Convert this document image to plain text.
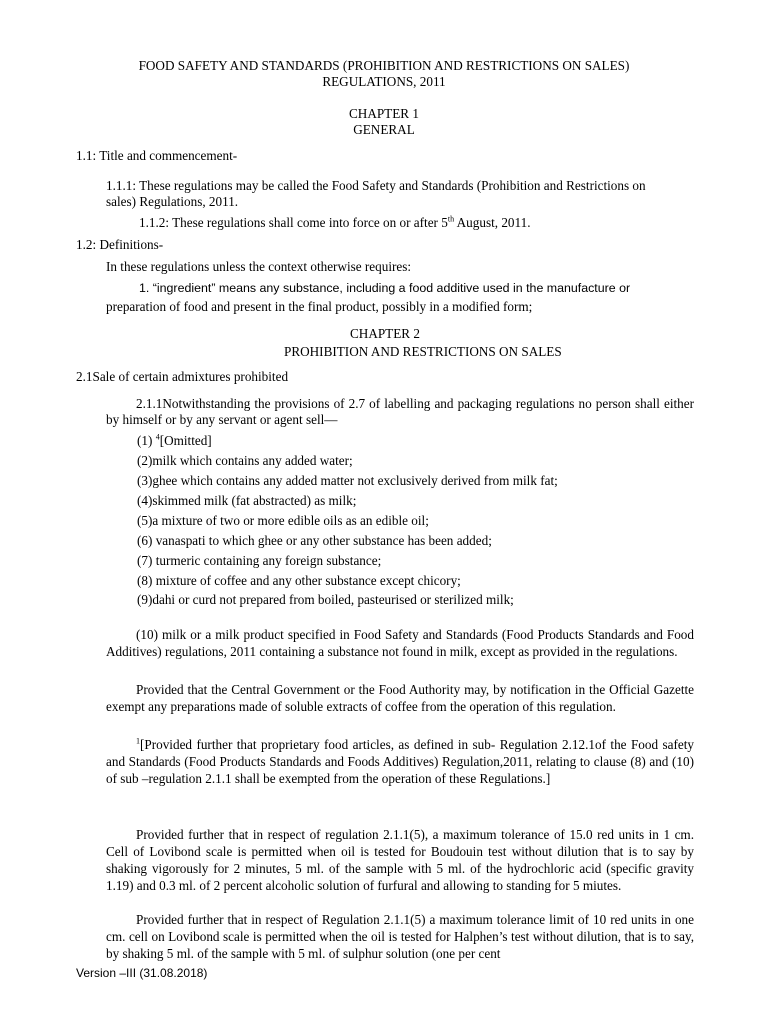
FOOD SAFETY AND STANDARDS (PROHIBITION AND RESTRICTIONS ON SALES)
REGULATIONS, 2011
CHAPTER 1
GENERAL
1.1: Title and commencement-
1.1.1: These regulations may be called the Food Safety and Standards (Prohibition and Restrictions on
sales) Regulations, 2011.
1.1.2: These regulations shall come into force on or after 5th August, 2011.
1.2: Definitions-
In these regulations unless the context otherwise requires:
1. “ingredient” means any substance, including a food additive used in the manufacture or
preparation of food and present in the final product, possibly in a modified form;
CHAPTER 2
PROHIBITION AND RESTRICTIONS ON SALES
2.1Sale of certain admixtures prohibited
2.1.1Notwithstanding the provisions of 2.7 of labelling and packaging regulations no person shall either by himself or by any servant or agent sell—
(1) $^4$[Omitted]
(2)milk which contains any added water;
(3)ghee which contains any added matter not exclusively derived from milk fat;
(4)skimmed milk (fat abstracted) as milk;
(5)a mixture of two or more edible oils as an edible oil;
(6) vanaspati to which ghee or any other substance has been added;
(7) turmeric containing any foreign substance;
(8) mixture of coffee and any other substance except chicory;
(9)dahi or curd not prepared from boiled, pasteurised or sterilized milk;
(10) milk or a milk product specified in Food Safety and Standards (Food Products Standards and Food Additives) regulations, 2011 containing a substance not found in milk, except as provided in the regulations.
Provided that the Central Government or the Food Authority may, by notification in the Official Gazette exempt any preparations made of soluble extracts of coffee from the operation of this regulation.
$^1$[Provided further that proprietary food articles, as defined in sub- Regulation 2.12.1of the Food safety and Standards (Food Products Standards and Foods Additives) Regulation,2011, relating to clause (8) and (10) of sub –regulation 2.1.1 shall be exempted from the operation of these Regulations.]
Provided further that in respect of regulation 2.1.1(5), a maximum tolerance of 15.0 red units in 1 cm. Cell of Lovibond scale is permitted when oil is tested for Boudouin test without dilution that is to say by shaking vigorously for 2 minutes, 5 ml. of the sample with 5 ml. of the hydrochloric acid (specific gravity 1.19) and 0.3 ml. of 2 percent alcoholic solution of furfural and allowing to standing for 5 miutes.
Provided further that in respect of Regulation 2.1.1(5) a maximum tolerance limit of 10 red units in one cm. cell on Lovibond scale is permitted when the oil is tested for Halphen’s test without dilution, that is to say, by shaking 5 ml. of the sample with 5 ml. of sulphur solution (one per cent
Version –III (31.08.2018)
